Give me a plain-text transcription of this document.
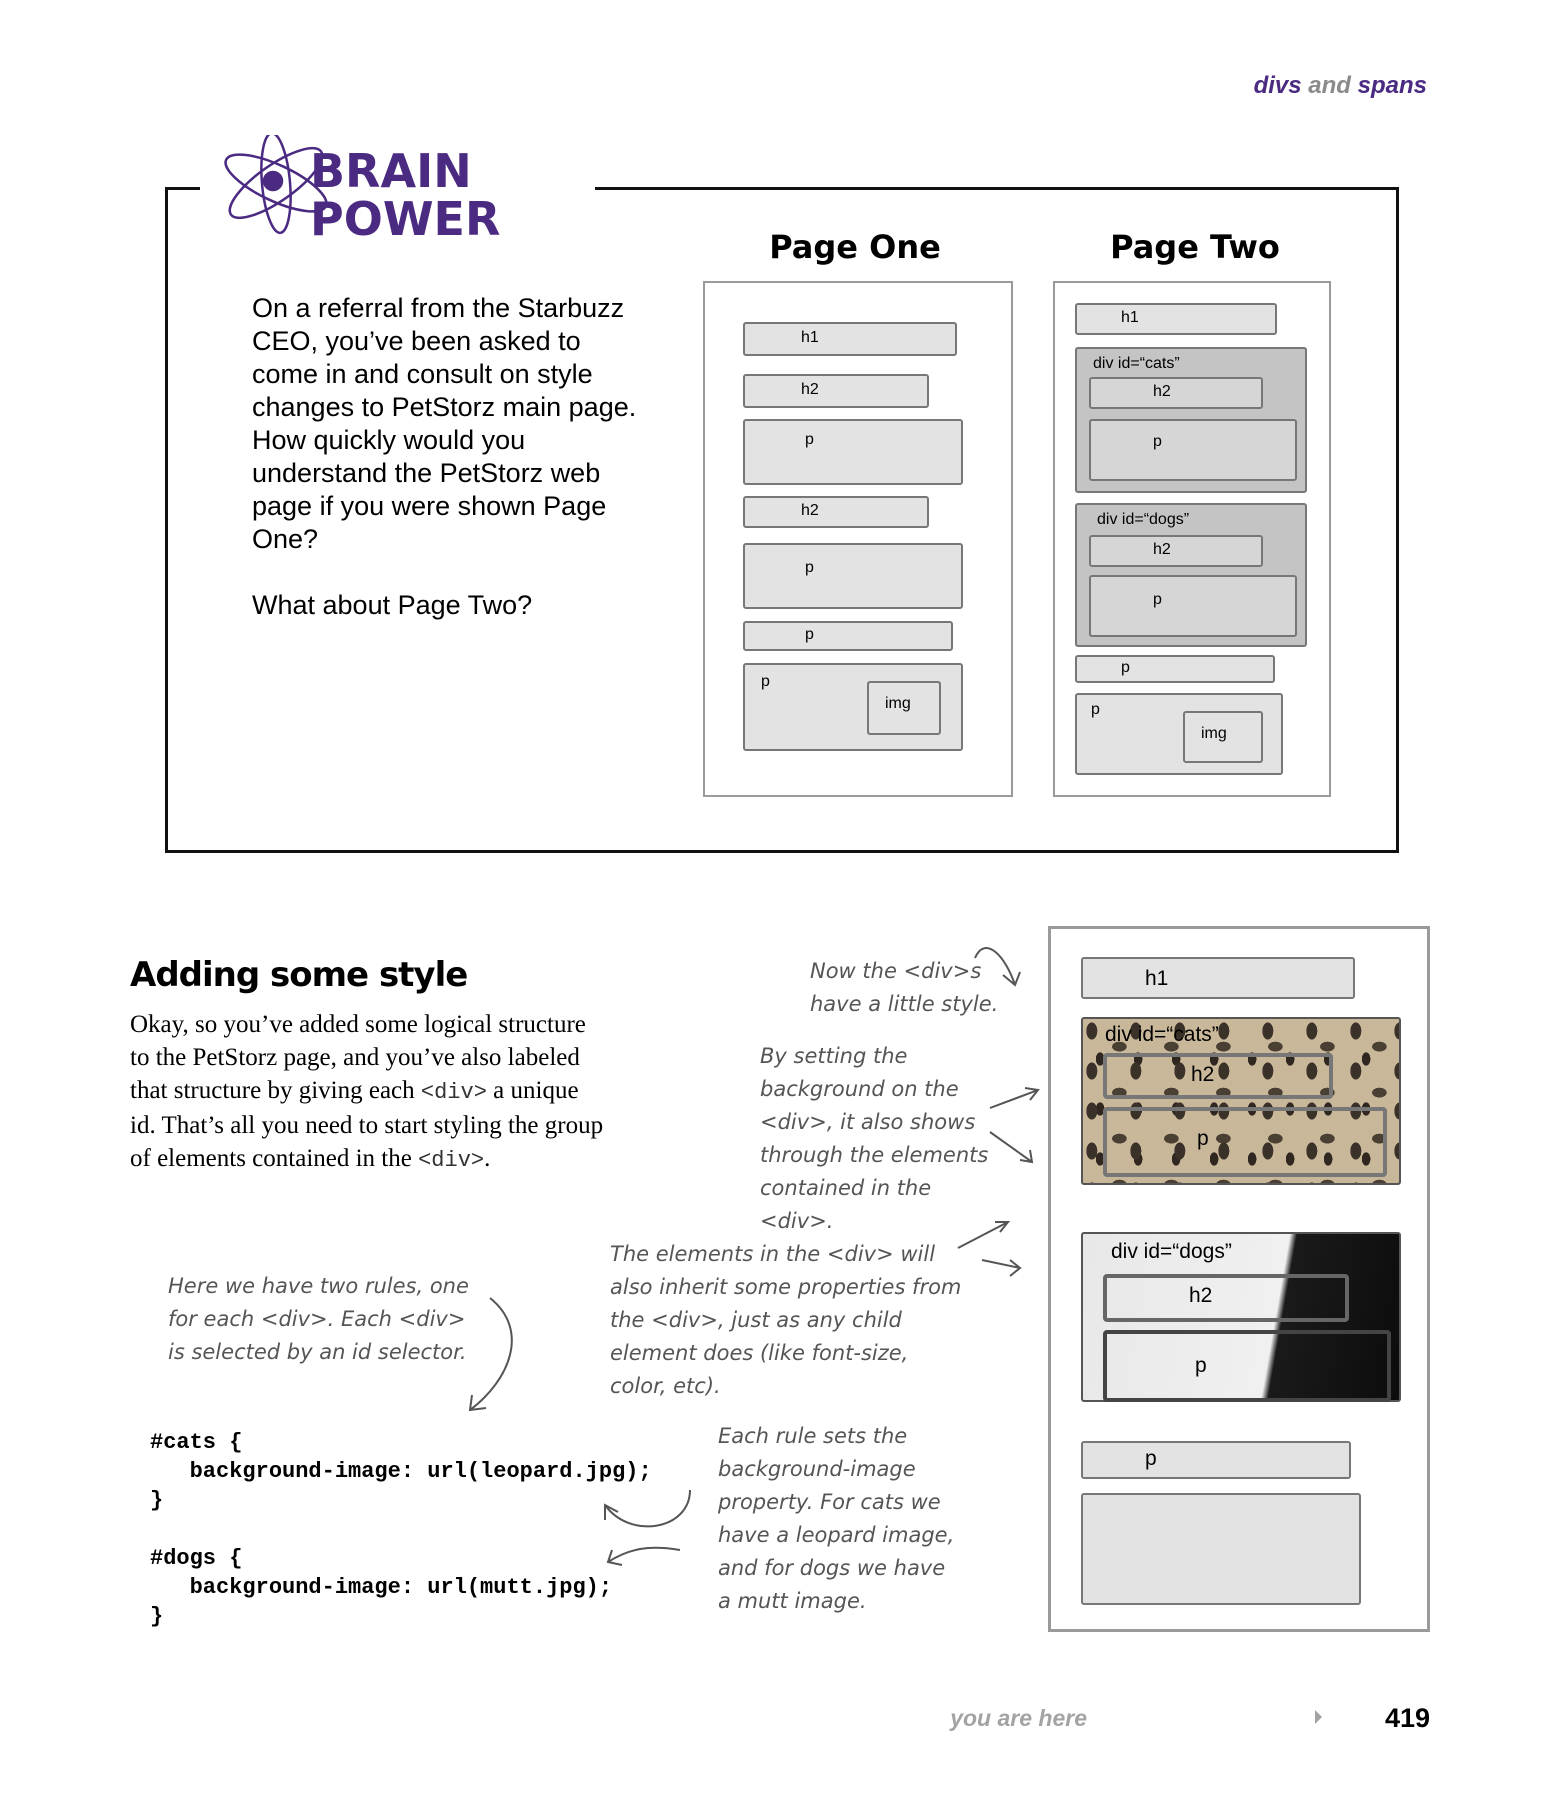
divs and spans
BRAIN
POWER

On a referral from the Starbuzz CEO, you’ve been asked to come in and consult on style changes to PetStorz main page. How quickly would you understand the PetStorz web page if you were shown Page One?

What about Page Two?

Page One
h1
h2
p
h2
p
p
p
img
Page Two
h1
div id=“cats”
h2
p
div id=“dogs”
h2
p
p
p
img
Adding some style
Okay, so you’ve added some logical structure to the PetStorz page, and you’ve also labeled that structure by giving each <div> a unique id. That’s all you need to start styling the group of elements contained in the <div>.
Now the <div>s have a little style.
By setting the background on the <div>, it also shows through the elements contained in the <div>.
The elements in the <div> will also inherit some properties from the <div>, just as any child element does (like font-size, color, etc).
Here we have two rules, one for each <div>. Each <div> is selected by an id selector.
Each rule sets the background-image property. For cats we have a leopard image, and for dogs we have a mutt image.
#cats {
background-image: url(leopard.jpg);
}
#dogs {
background-image: url(mutt.jpg);
}
h1
div id=“cats”
h2
p
div id=“dogs”
h2
p
p
you are here	419
